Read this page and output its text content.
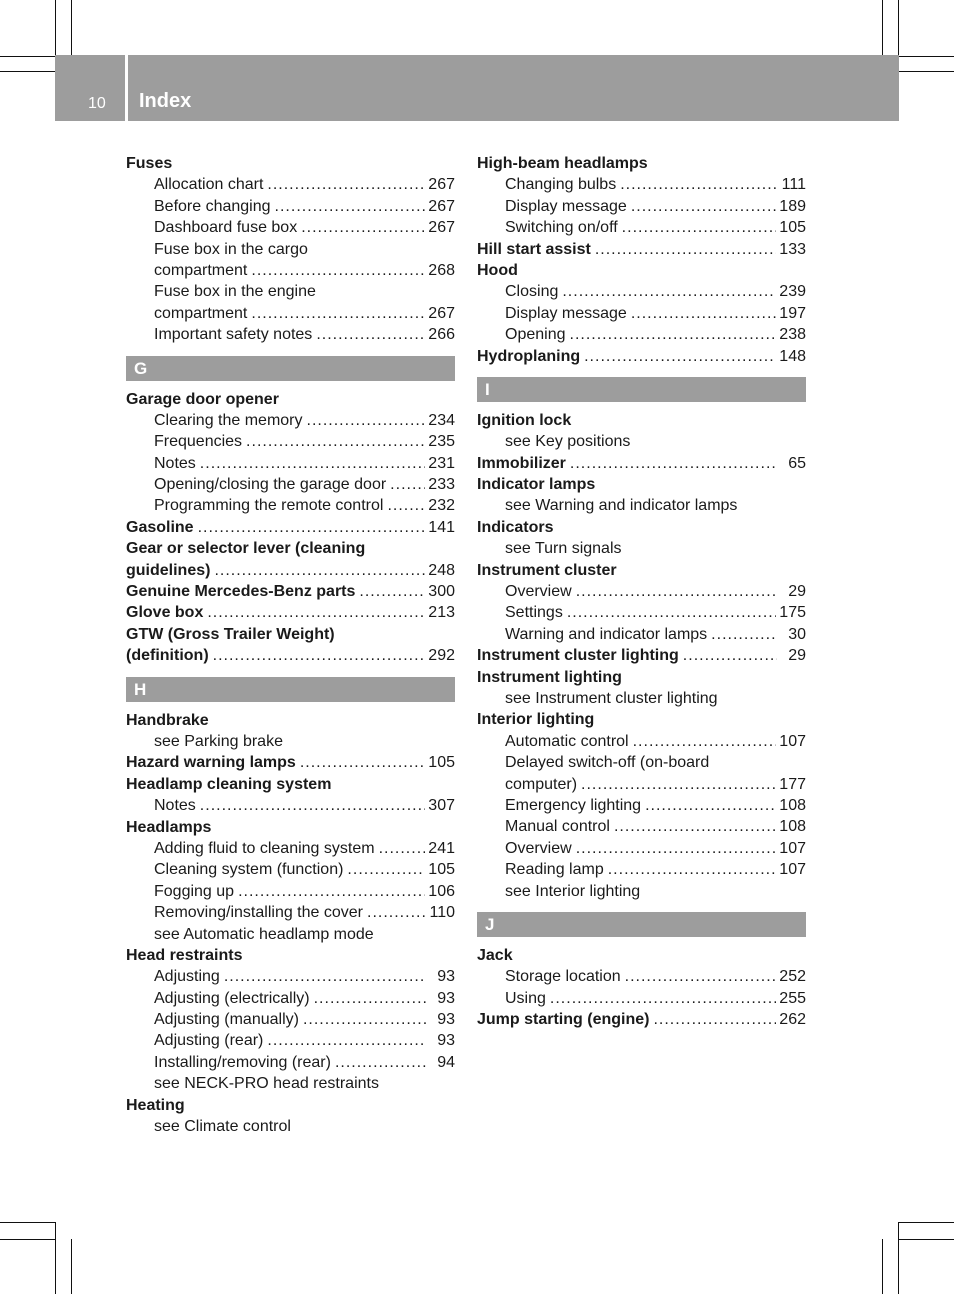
10 Index
Fuses
Allocation chart .....	267
Before changing .....	267
Dashboard fuse box .....	267
Fuse box in the cargo
compartment .....	268
Fuse box in the engine
compartment .....	267
Important safety notes .....	266
G
Garage door opener
Clearing the memory .....	234
Frequencies .....	235
Notes .....	231
Opening/closing the garage door .....	233
Programming the remote control .....	232
Gasoline .....	141
Gear or selector lever (cleaning
guidelines) .....	248
Genuine Mercedes-Benz parts .....	300
Glove box .....	213
GTW (Gross Trailer Weight)
(definition) .....	292
H
Handbrake
see Parking brake
Hazard warning lamps .....	105
Headlamp cleaning system
Notes .....	307
Headlamps
Adding fluid to cleaning system .....	241
Cleaning system (function) .....	105
Fogging up .....	106
Removing/installing the cover .....	110
see Automatic headlamp mode
Head restraints
Adjusting .....	93
Adjusting (electrically) .....	93
Adjusting (manually) .....	93
Adjusting (rear) .....	93
Installing/removing (rear) .....	94
see NECK-PRO head restraints
Heating
see Climate control
High-beam headlamps
Changing bulbs .....	111
Display message .....	189
Switching on/off .....	105
Hill start assist .....	133
Hood
Closing .....	239
Display message .....	197
Opening .....	238
Hydroplaning .....	148
I
Ignition lock
see Key positions
Immobilizer .....	65
Indicator lamps
see Warning and indicator lamps
Indicators
see Turn signals
Instrument cluster
Overview .....	29
Settings .....	175
Warning and indicator lamps .....	30
Instrument cluster lighting .....	29
Instrument lighting
see Instrument cluster lighting
Interior lighting
Automatic control .....	107
Delayed switch-off (on-board
computer) .....	177
Emergency lighting .....	108
Manual control .....	108
Overview .....	107
Reading lamp .....	107
see Interior lighting
J
Jack
Storage location .....	252
Using .....	255
Jump starting (engine) .....	262
